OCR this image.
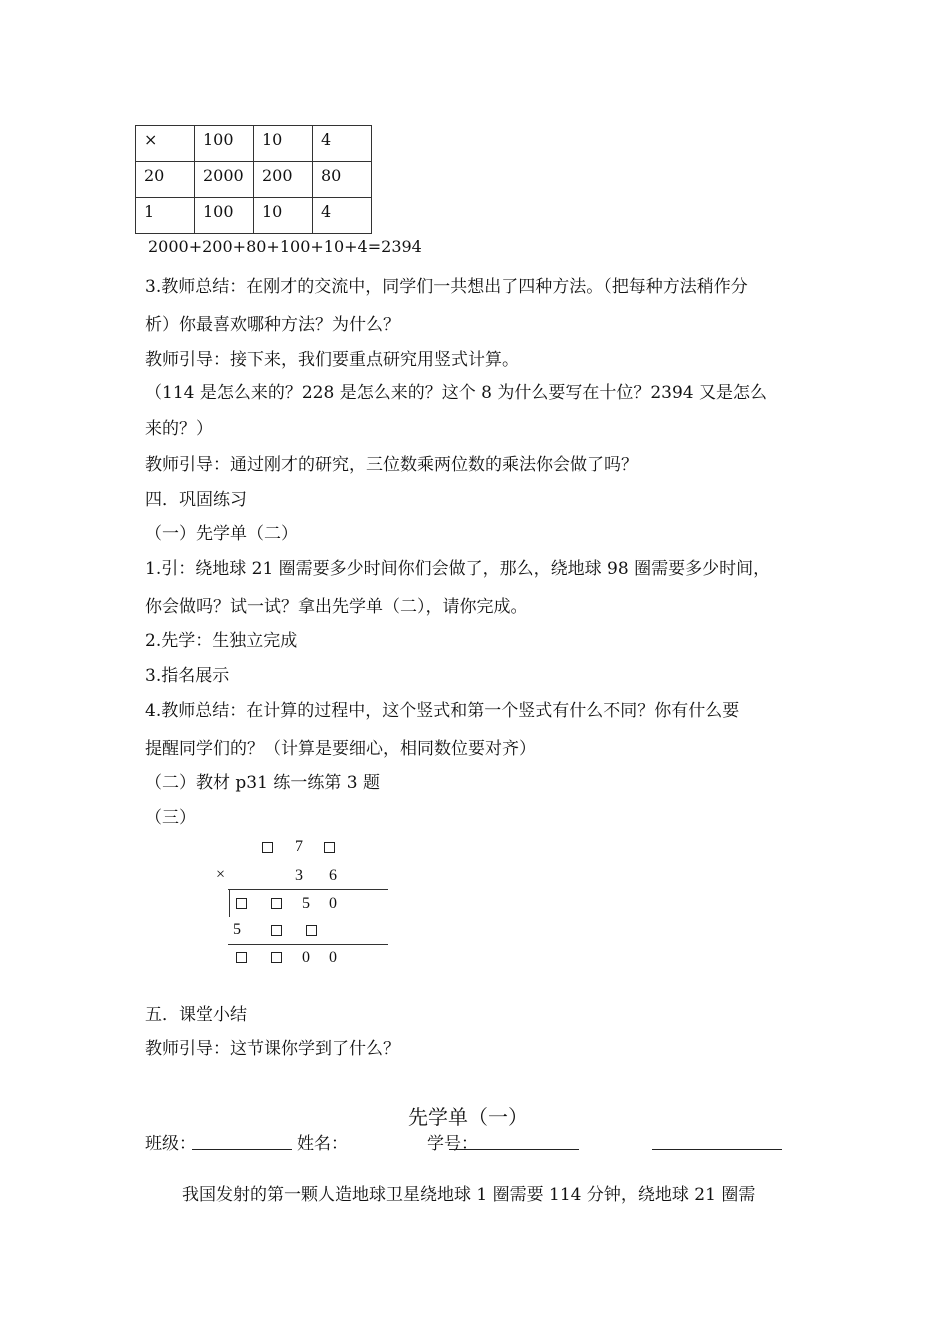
×	100	10	4
20	2000	200	80
1	100	10	4
2000+200+80+100+10+4=2394
3.教师总结：在刚才的交流中，同学们一共想出了四种方法。（把每种方法稍作分
析）你最喜欢哪种方法？为什么？
教师引导：接下来，我们要重点研究用竖式计算。
（114 是怎么来的？228 是怎么来的？这个 8 为什么要写在十位？2394 又是怎么
来的？）
教师引导：通过刚才的研究，三位数乘两位数的乘法你会做了吗？
四．巩固练习
（一）先学单（二）
1.引：绕地球 21 圈需要多少时间你们会做了，那么，绕地球 98 圈需要多少时间，
你会做吗？试一试？拿出先学单（二），请你完成。
2.先学：生独立完成
3.指名展示
4.教师总结：在计算的过程中，这个竖式和第一个竖式有什么不同？你有什么要
提醒同学们的？（计算是要细心，相同数位要对齐）
（二）教材 p31 练一练第 3 题
（三）
7
×	3 6
5 0
5
0 0
五．课堂小结
教师引导：这节课你学到了什么？
先学单（一）
班级：	姓名：	学号：
我国发射的第一颗人造地球卫星绕地球 1 圈需要 114 分钟，绕地球 21 圈需
